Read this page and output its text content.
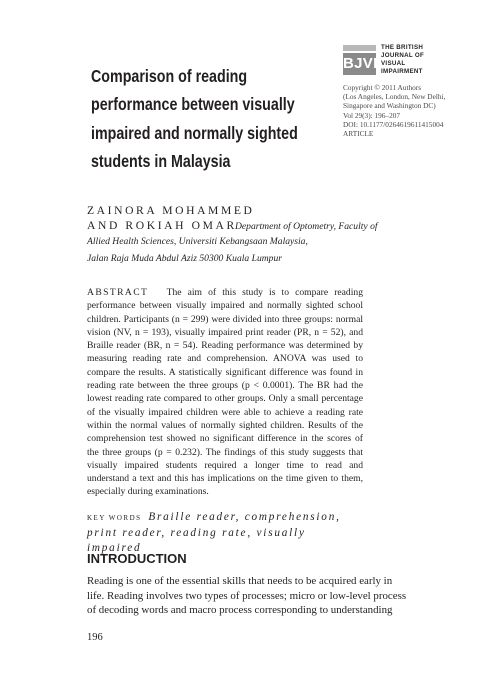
BJVI
THE BRITISH
JOURNAL OF
VISUAL
IMPAIRMENT
Copyright © 2011 Authors
(Los Angeles, London, New Delhi,
Singapore and Washington DC)
Vol 29(3): 196–207
DOI: 10.1177/0264619611415004
ARTICLE
Comparison of reading
performance between visually
impaired and normally sighted
students in Malaysia
ZAINORA MOHAMMED
AND ROKIAH OMAR
Department of Optometry, Faculty of
Allied Health Sciences, Universiti Kebangsaan Malaysia,
Jalan Raja Muda Abdul Aziz 50300 Kuala Lumpur
ABSTRACT The aim of this study is to compare reading performance between visually impaired and normally sighted school children. Participants (n = 299) were divided into three groups: normal vision (NV, n = 193), visually impaired print reader (PR, n = 52), and Braille reader (BR, n = 54). Reading performance was determined by measuring reading rate and comprehension. ANOVA was used to compare the results. A statistically significant difference was found in reading rate between the three groups (p < 0.0001). The BR had the lowest reading rate compared to other groups. Only a small percentage of the visually impaired children were able to achieve a reading rate within the normal values of normally sighted children. Results of the comprehension test showed no significant difference in the scores of the three groups (p = 0.232). The findings of this study suggests that visually impaired students required a longer time to read and understand a text and this has implications on the time given to them, especially during examinations.
KEY WORDS Braille reader, comprehension, print reader, reading rate, visually impaired
INTRODUCTION
Reading is one of the essential skills that needs to be acquired early in
life. Reading involves two types of processes; micro or low-level process
of decoding words and macro process corresponding to understanding
196
